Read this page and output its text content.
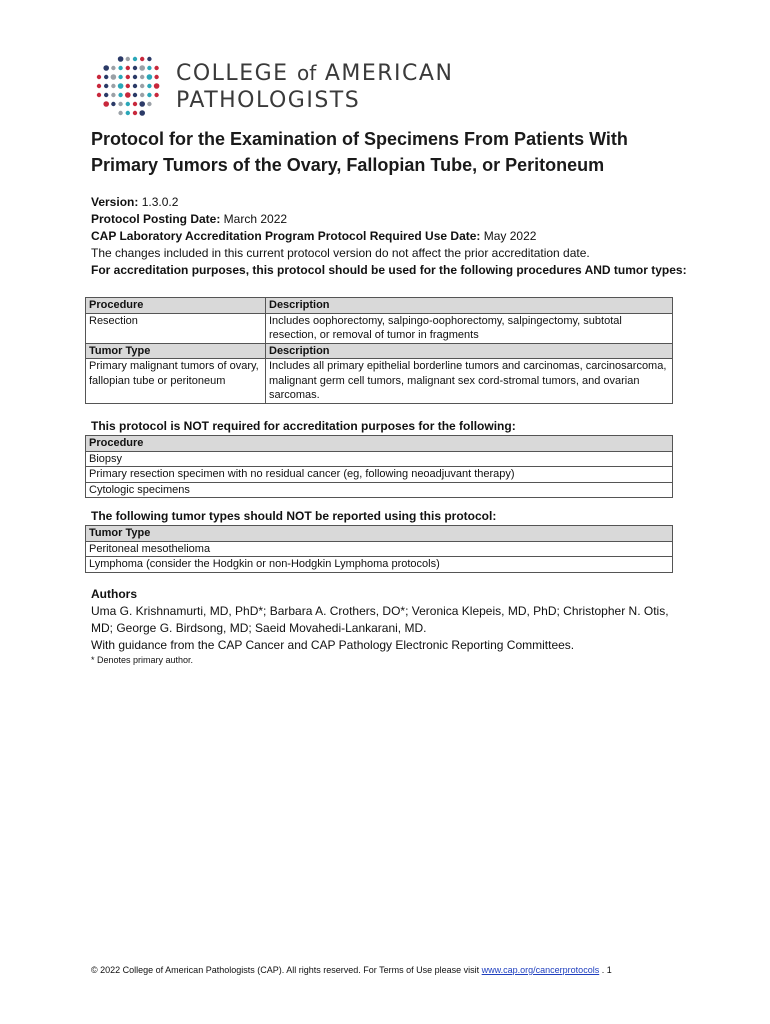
COLLEGE of AMERICAN
PATHOLOGISTS
Protocol for the Examination of Specimens From Patients With Primary Tumors of the Ovary, Fallopian Tube, or Peritoneum
Version: 1.3.0.2
Protocol Posting Date: March 2022
CAP Laboratory Accreditation Program Protocol Required Use Date: May 2022
The changes included in this current protocol version do not affect the prior accreditation date.
For accreditation purposes, this protocol should be used for the following procedures AND tumor types:
Procedure	Description
Resection	Includes oophorectomy, salpingo-oophorectomy, salpingectomy, subtotal resection, or removal of tumor in fragments
Tumor Type	Description
Primary malignant tumors of ovary, fallopian tube or peritoneum	Includes all primary epithelial borderline tumors and carcinomas, carcinosarcoma, malignant germ cell tumors, malignant sex cord-stromal tumors, and ovarian sarcomas.
This protocol is NOT required for accreditation purposes for the following:
Procedure
Biopsy
Primary resection specimen with no residual cancer (eg, following neoadjuvant therapy)
Cytologic specimens
The following tumor types should NOT be reported using this protocol:
Tumor Type
Peritoneal mesothelioma
Lymphoma (consider the Hodgkin or non-Hodgkin Lymphoma protocols)
Authors
Uma G. Krishnamurti, MD, PhD*; Barbara A. Crothers, DO*; Veronica Klepeis, MD, PhD; Christopher N. Otis, MD; George G. Birdsong, MD; Saeid Movahedi-Lankarani, MD.
With guidance from the CAP Cancer and CAP Pathology Electronic Reporting Committees.
* Denotes primary author.
© 2022 College of American Pathologists (CAP). All rights reserved. For Terms of Use please visit www.cap.org/cancerprotocols . 1
